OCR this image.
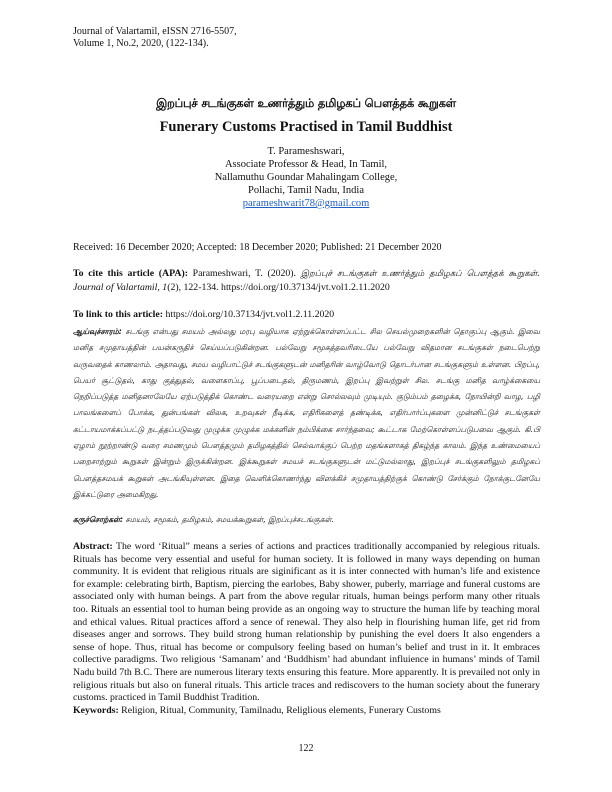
Journal of Valartamil, eISSN 2716-5507,
Volume 1, No.2, 2020, (122-134).
இறப்புச் சடங்குகள் உணர்த்தும் தமிழகப் பௌத்தக் கூறுகள்
Funerary Customs Practised in Tamil Buddhist
T. Parameshswari,
Associate Professor & Head, In Tamil,
Nallamuthu Goundar Mahalingam College,
Pollachi, Tamil Nadu, India
parameshwarit78@gmail.com
Received: 16 December 2020; Accepted: 18 December 2020; Published: 21 December 2020
To cite this article (APA): Parameshwari, T. (2020). இறப்புச் சடங்குகள் உணர்த்தும் தமிழகப் பௌத்தக் கூறுகள். Journal of Valartamil, 1(2), 122-134. https://doi.org/10.37134/jvt.vol1.2.11.2020
To link to this article: https://doi.org/10.37134/jvt.vol1.2.11.2020
ஆய்வுச்சாரம்: சடங்கு என்பது சமயம் அல்லது மரபு வழியாக ஏற்றுக்கொள்ளப்பட்ட சில செயல்முறைகளின் தொகுப்பு ஆகும். இவை மனித சமுதாயத்தின் பயன்கருதிச் செய்யப்படுகின்றன. பல்வேறு சமூகத்தவரிடையே பல்வேறு விதமான சடங்குகள் நடைபெற்று வருவதைக் காணலாம். அதாவது, சமய வழிபாட்டுச் சடங்குகளுடன் மனிதரின் வாழ்வோடு தொடர்பான சடங்குகளும் உள்ளன. பிறப்பு, பெயர் சூட்டுதல், காது குத்துதல், வளைகாப்பு, பூப்படைதல், திருமணம், இறப்பு இவற்றுள் சில. சடங்கு மனித வாழ்க்கையை நெறிப்படுத்த மனிதனாலேயே ஏற்படுத்திக் கொண்ட வரையறை என்று சொல்லவும் முடியும். குடும்பம் தழைக்க, நோயின்றி வாழ, பழி பாவங்களைப் போக்க, துன்பங்கள் விலக, உறவுகள் நீடிக்க, எதிரிகளைத் தண்டிக்க, எதிர்பார்ப்புகளை முன்னிட்டுச் சடங்குகள் கட்டாயமாக்கப்பட்டு நடத்தப்படுவது முழுக்க முழுக்க மக்களின் நம்பிக்கை சார்ந்தவை; கூட்டாக மேற்கொள்ளப்படுபவை ஆகும். கி.பி ஏழாம் நூற்றாண்டு வரை சமணமும் பௌத்தமும் தமிழகத்தில் செல்வாக்குப் பெற்ற மதங்களாகத் திகழ்ந்த காலம். இந்த உண்மையைப் பறைசாற்றும் கூறுகள் இன்றும் இருக்கின்றன. இக்கூறுகள் சமயச் சடங்குகளுடன் மட்டுமல்லாது, இறப்புச் சடங்குகளிலும் தமிழகப் பௌத்தசமயக் கூறுகள் அடங்கியுள்ளன. இதை வெளிக்கொணர்ந்து விளக்கிச் சமுதாயத்திற்குக் கொண்டு சேர்க்கும் நோக்குடனேயே இக்கட்டுரை அமைகிறது.
கருச்சொற்கள்: சமயம், சமூகம், தமிழகம், சமயக்கூறுகள், இறப்புச்சடங்குகள்.
Abstract: The word ‘Ritual” means a series of actions and practices traditionally accompanied by relegious rituals. Rituals has become very essential and useful for human society. It is followed in many ways depending on human community. It is evident that religious rituals are siginificant as it is inter connected with human’s life and existence for example: celebrating birth, Baptism, piercing the earlobes, Baby shower, puberly, marriage and funeral customs are associated only with human beings. A part from the above regular rituals, human beings perform many other rituals too. Rituals an essential tool to human being provide as an ongoing way to structure the human life by teaching moral and ethical values. Ritual practices afford a sence of renewal. They also help in flourishing human life, get rid from diseases anger and sorrows. They build strong human relationship by punishing the evel doers It also engenders a sense of hope. Thus, ritual has become or compulsory feeling based on human’s belief and trust in it. It embraces collective paradigms. Two religious ‘Samanam’ and ‘Buddhism’ had abundant influience in humans’ minds of Tamil Nadu build 7th B.C. There are numerous literary texts ensuring this feature. More apparently. It is prevailed not only in religious rituals but also on funeral rituals. This article traces and rediscovers to the human society about the funerary customs. practiced in Tamil Buddhist Tradition.
Keywords: Religion, Ritual, Community, Tamilnadu, Religlious elements, Funerary Customs
122
